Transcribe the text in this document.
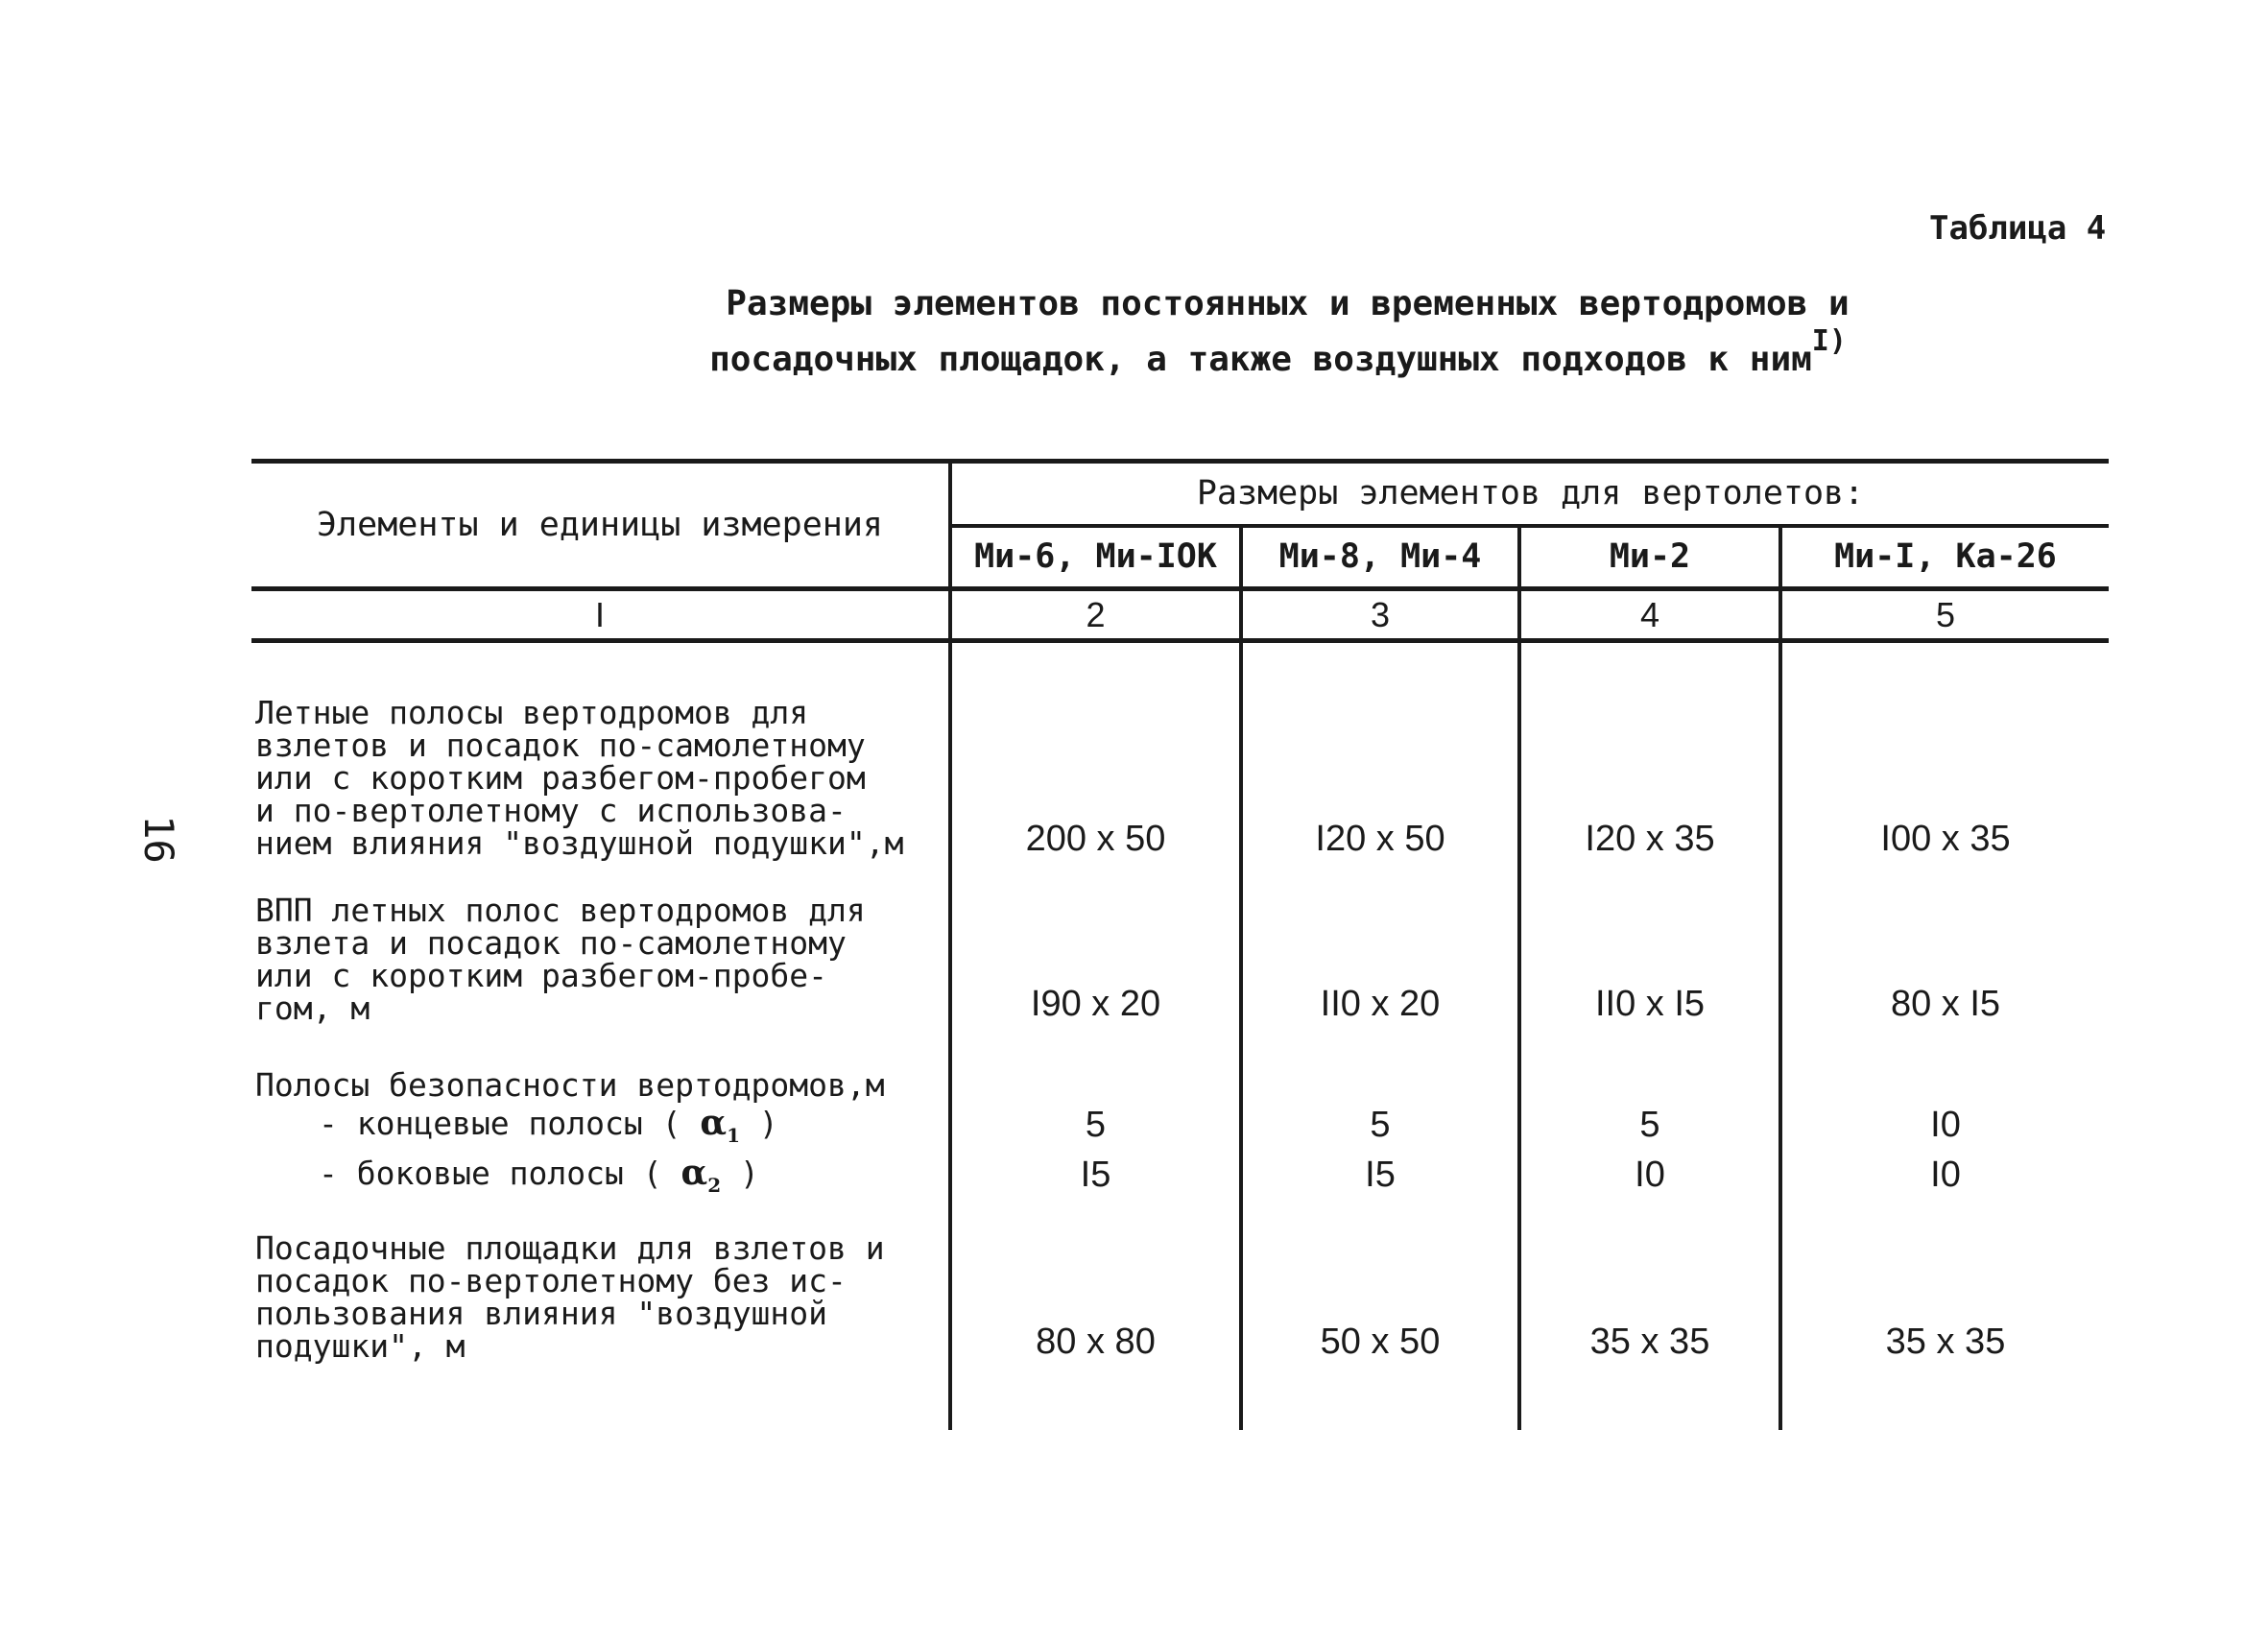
Таблица 4
Размеры элементов постоянных и временных вертодромов и
посадочных площадок, а также воздушных подходов к ним$^{I)}$
16
Элементы и единицы измерения	Размеры элементов для вертолетов:			
	Ми-6, Ми-IOK	Ми-8, Ми-4	Ми-2	Ми-I, Ка-26
I	2	3	4	5
Летные полосы вертодромов для
взлетов и посадок по-самолетному
или с коротким разбегом-пробегом
и по-вертолетному с использова-
нием влияния "воздушной подушки",м	200 x 50	I20 x 50	I20 x 35	I00 x 35
ВПП летных полос вертодромов для
взлета и посадок по-самолетному
или с коротким разбегом-пробе-
гом, м	I90 x 20	II0 x 20	II0 x I5	80 x I5
Полосы безопасности вертодромов,м				
- концевые полосы ( $\alpha_1$ )	5	5	5	I0
- боковые полосы ( $\alpha_2$ )	I5	I5	I0	I0
Посадочные площадки для взлетов и
посадок по-вертолетному без ис-
пользования влияния "воздушной
подушки", м	80 x 80	50 x 50	35 x 35	35 x 35
